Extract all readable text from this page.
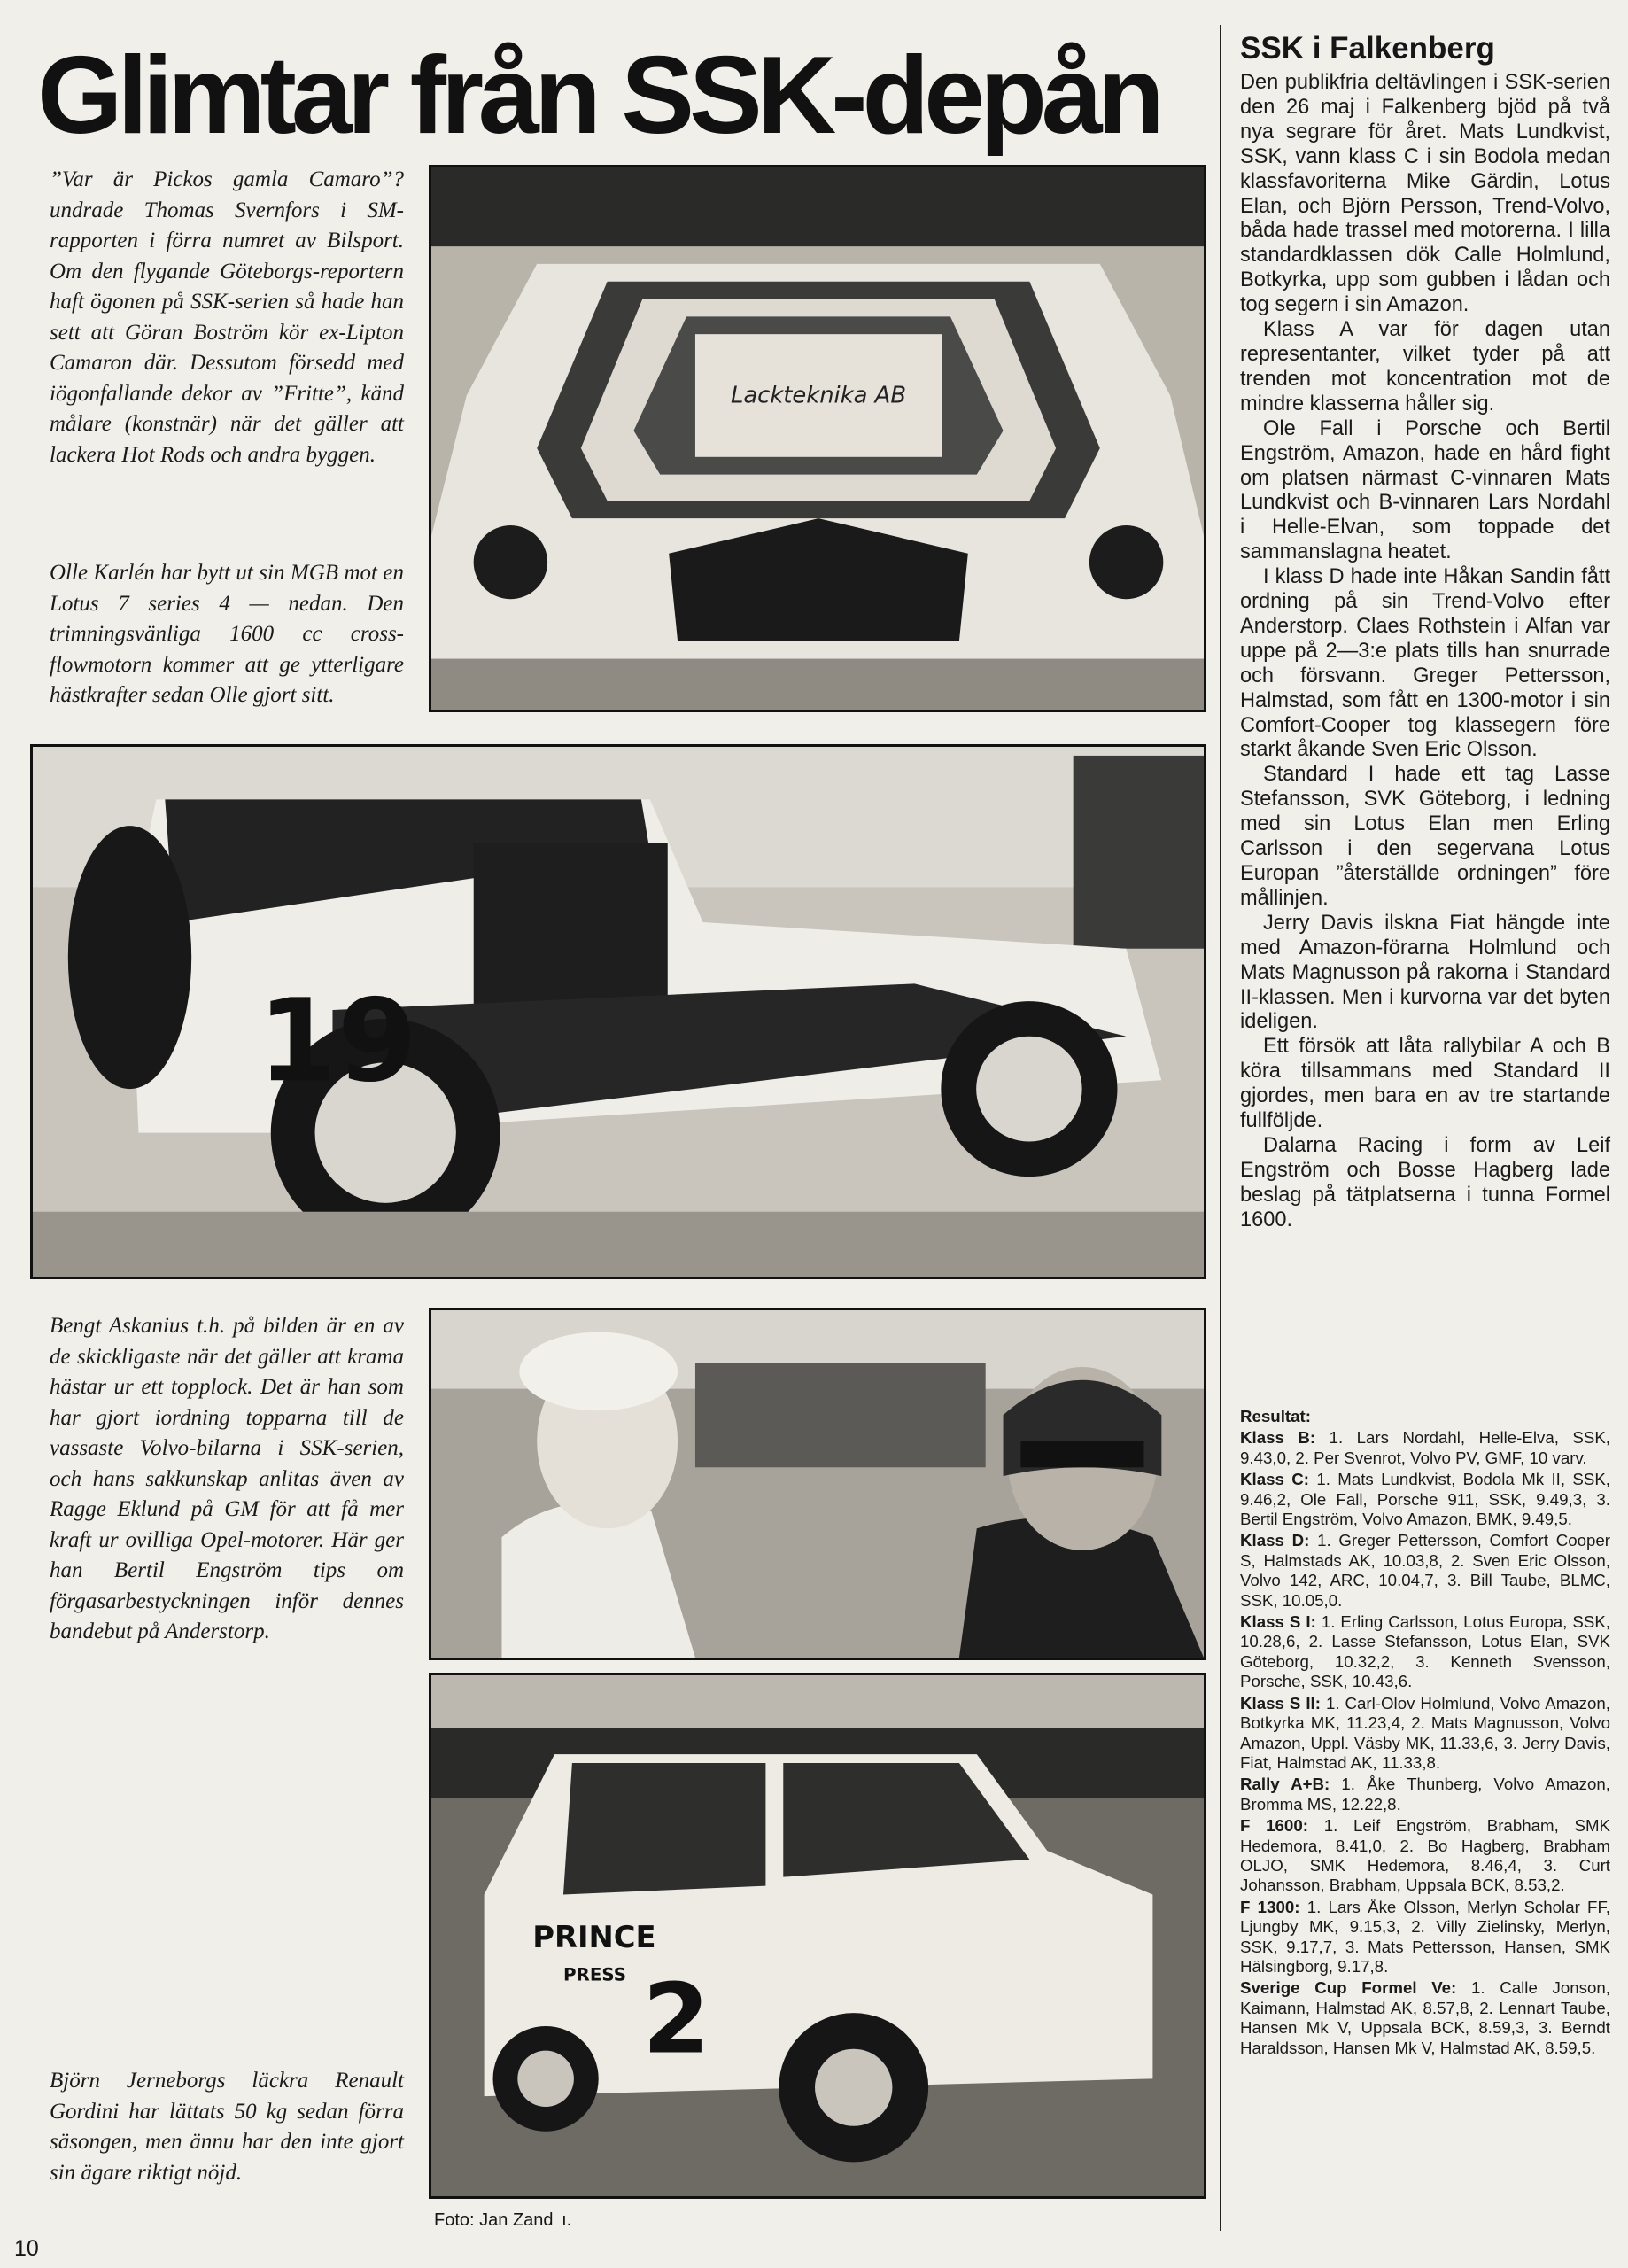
Glimtar från SSK-depån
”Var är Pickos gamla Camaro”? undrade Thomas Svernfors i SM-rapporten i förra numret av Bilsport. Om den flygande Göteborgs-reportern haft ögonen på SSK-serien så hade han sett att Göran Boström kör ex-Lipton Camaron där. Dessutom försedd med iögonfallande dekor av ”Fritte”, känd målare (konstnär) när det gäller att lackera Hot Rods och andra byggen.
Olle Karlén har bytt ut sin MGB mot en Lotus 7 series 4 — nedan. Den trimningsvänliga 1600 cc cross-flowmotorn kommer att ge ytterligare hästkrafter sedan Olle gjort sitt.
Bengt Askanius t.h. på bilden är en av de skickligaste när det gäller att krama hästar ur ett topplock. Det är han som har gjort iordning topparna till de vassaste Volvo-bilarna i SSK-serien, och hans sakkunskap anlitas även av Ragge Eklund på GM för att få mer kraft ur ovilliga Opel-motorer. Här ger han Bertil Engström tips om förgasarbestyckningen inför dennes bandebut på Anderstorp.
Björn Jerneborgs läckra Renault Gordini har lättats 50 kg sedan förra säsongen, men ännu har den inte gjort sin ägare riktigt nöjd.
Lackteknika AB
19
PRINCE
PRESS 2
SSK i Falkenberg

Den publikfria deltävlingen i SSK-serien den 26 maj i Falkenberg bjöd på två nya segrare för året. Mats Lundkvist, SSK, vann klass C i sin Bodola medan klassfavoriterna Mike Gärdin, Lotus Elan, och Björn Persson, Trend-Volvo, båda hade trassel med motorerna. I lilla standardklassen dök Calle Holmlund, Botkyrka, upp som gubben i lådan och tog segern i sin Amazon.

Klass A var för dagen utan representanter, vilket tyder på att trenden mot koncentration mot de mindre klasserna håller sig.

Ole Fall i Porsche och Bertil Engström, Amazon, hade en hård fight om platsen närmast C-vinnaren Mats Lundkvist och B-vinnaren Lars Nordahl i Helle-Elvan, som toppade det sammanslagna heatet.

I klass D hade inte Håkan Sandin fått ordning på sin Trend-Volvo efter Anderstorp. Claes Rothstein i Alfan var uppe på 2—3:e plats tills han snurrade och försvann. Greger Pettersson, Halmstad, som fått en 1300-motor i sin Comfort-Cooper tog klassegern före starkt åkande Sven Eric Olsson.

Standard I hade ett tag Lasse Stefansson, SVK Göteborg, i ledning med sin Lotus Elan men Erling Carlsson i den segervana Lotus Europan ”återställde ordningen” före mållinjen.

Jerry Davis ilskna Fiat hängde inte med Amazon-förarna Holmlund och Mats Magnusson på rakorna i Standard II-klassen. Men i kurvorna var det byten ideligen.

Ett försök att låta rallybilar A och B köra tillsammans med Standard II gjordes, men bara en av tre startande fullföljde.

Dalarna Racing i form av Leif Engström och Bosse Hagberg lade beslag på tätplatserna i tunna Formel 1600.

Resultat:

Klass B: 1. Lars Nordahl, Helle-Elva, SSK, 9.43,0, 2. Per Svenrot, Volvo PV, GMF, 10 varv.

Klass C: 1. Mats Lundkvist, Bodola Mk II, SSK, 9.46,2, Ole Fall, Porsche 911, SSK, 9.49,3, 3. Bertil Engström, Volvo Amazon, BMK, 9.49,5.

Klass D: 1. Greger Pettersson, Comfort Cooper S, Halmstads AK, 10.03,8, 2. Sven Eric Olsson, Volvo 142, ARC, 10.04,7, 3. Bill Taube, BLMC, SSK, 10.05,0.

Klass S I: 1. Erling Carlsson, Lotus Europa, SSK, 10.28,6, 2. Lasse Stefansson, Lotus Elan, SVK Göteborg, 10.32,2, 3. Kenneth Svensson, Porsche, SSK, 10.43,6.

Klass S II: 1. Carl-Olov Holmlund, Volvo Amazon, Botkyrka MK, 11.23,4, 2. Mats Magnusson, Volvo Amazon, Uppl. Väsby MK, 11.33,6, 3. Jerry Davis, Fiat, Halmstad AK, 11.33,8.

Rally A+B: 1. Åke Thunberg, Volvo Amazon, Bromma MS, 12.22,8.

F 1600: 1. Leif Engström, Brabham, SMK Hedemora, 8.41,0, 2. Bo Hagberg, Brabham OLJO, SMK Hedemora, 8.46,4, 3. Curt Johansson, Brabham, Uppsala BCK, 8.53,2.

F 1300: 1. Lars Åke Olsson, Merlyn Scholar FF, Ljungby MK, 9.15,3, 2. Villy Zielinsky, Merlyn, SSK, 9.17,7, 3. Mats Pettersson, Hansen, SMK Hälsingborg, 9.17,8.

Sverige Cup Formel Ve: 1. Calle Jonson, Kaimann, Halmstad AK, 8.57,8, 2. Lennart Taube, Hansen Mk V, Uppsala BCK, 8.59,3, 3. Berndt Haraldsson, Hansen Mk V, Halmstad AK, 8.59,5.

Foto: Jan Zand  ı.
10
